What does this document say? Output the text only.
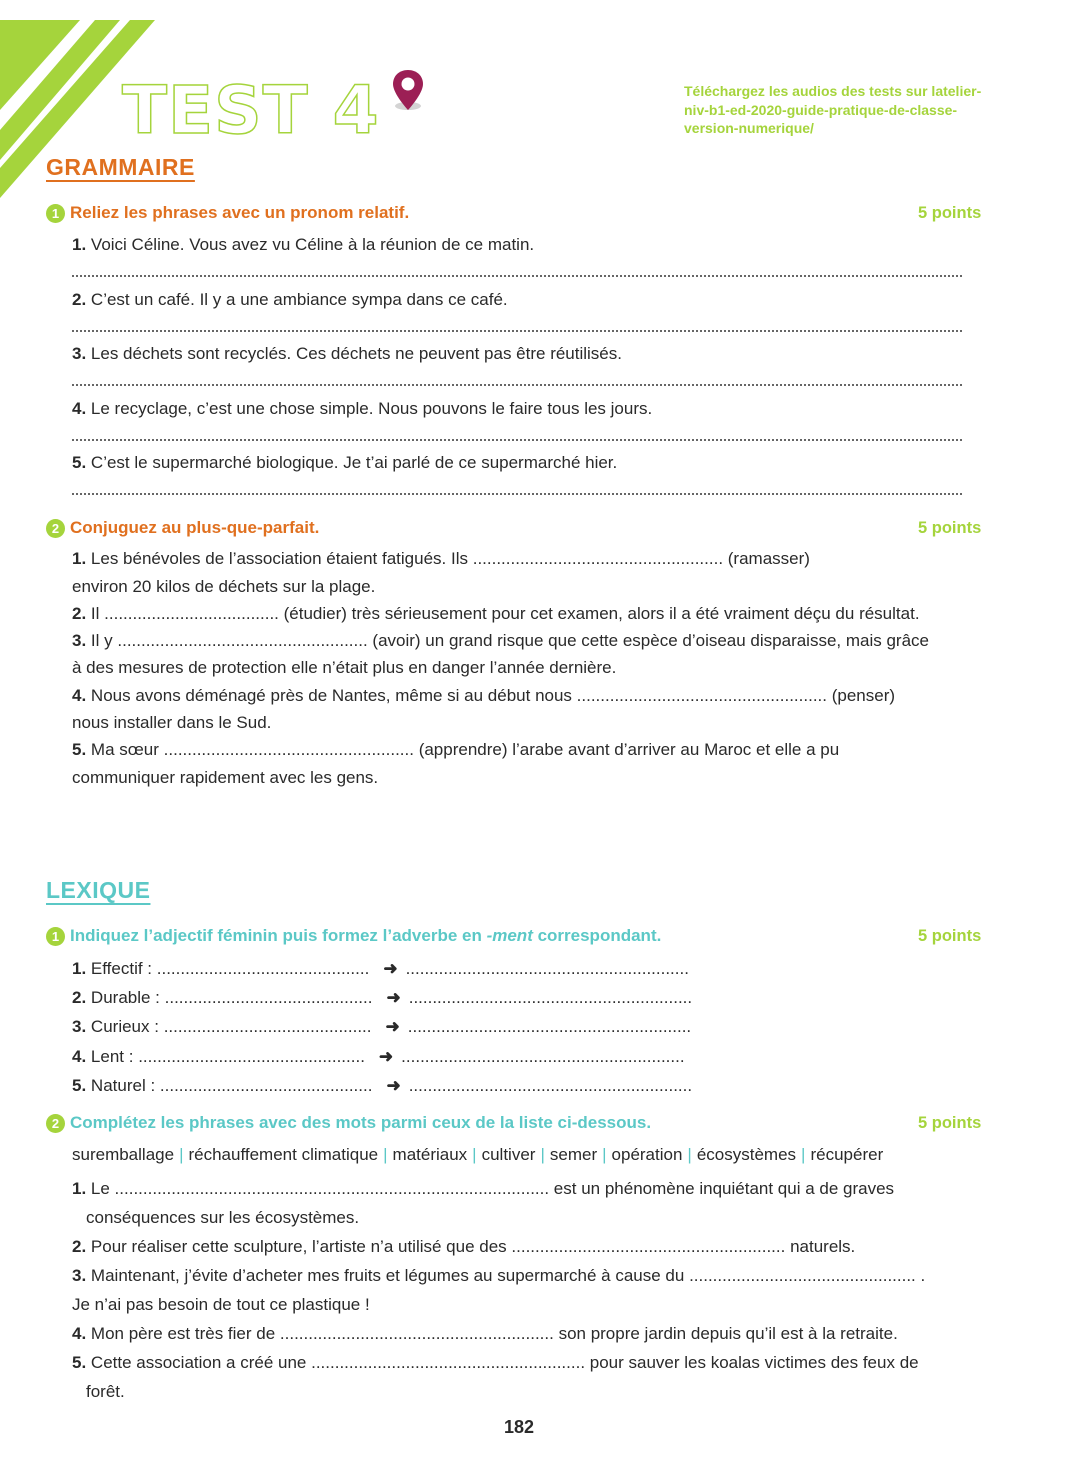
TEST 4	Téléchargez les audios des tests sur latelier-niv-b1-ed-2020-guide-pratique-de-classe-version-numerique/
GRAMMAIRE
1 Reliez les phrases avec un pronom relatif.	5 points
1. Voici Céline. Vous avez vu Céline à la réunion de ce matin.
2. C’est un café. Il y a une ambiance sympa dans ce café.
3. Les déchets sont recyclés. Ces déchets ne peuvent pas être réutilisés.
4. Le recyclage, c’est une chose simple. Nous pouvons le faire tous les jours.
5. C’est le supermarché biologique. Je t’ai parlé de ce supermarché hier.
2 Conjuguez au plus-que-parfait.	5 points
1. Les bénévoles de l’association étaient fatigués. Ils ..................................................... (ramasser)
environ 20 kilos de déchets sur la plage.
2. Il ..................................... (étudier) très sérieusement pour cet examen, alors il a été vraiment déçu du résultat.
3. Il y ..................................................... (avoir) un grand risque que cette espèce d’oiseau disparaisse, mais grâce
à des mesures de protection elle n’était plus en danger l’année dernière.
4. Nous avons déménagé près de Nantes, même si au début nous ..................................................... (penser)
nous installer dans le Sud.
5. Ma sœur ..................................................... (apprendre) l’arabe avant d’arriver au Maroc et elle a pu
communiquer rapidement avec les gens.
LEXIQUE
1 Indiquez l’adjectif féminin puis formez l’adverbe en -ment correspondant.	5 points
1. Effectif : ............................................. ➜ ............................................................
2. Durable : ............................................ ➜ ............................................................
3. Curieux : ............................................ ➜ ............................................................
4. Lent : ................................................ ➜ ............................................................
5. Naturel : ............................................. ➜ ............................................................
2 Complétez les phrases avec des mots parmi ceux de la liste ci-dessous.	5 points
suremballage | réchauffement climatique | matériaux | cultiver | semer | opération | écosystèmes | récupérer
1. Le ............................................................................................ est un phénomène inquiétant qui a de graves
conséquences sur les écosystèmes.
2. Pour réaliser cette sculpture, l’artiste n’a utilisé que des .......................................................... naturels.
3. Maintenant, j’évite d’acheter mes fruits et légumes au supermarché à cause du ................................................ .
Je n’ai pas besoin de tout ce plastique !
4. Mon père est très fier de .......................................................... son propre jardin depuis qu’il est à la retraite.
5. Cette association a créé une .......................................................... pour sauver les koalas victimes des feux de
forêt.
182
